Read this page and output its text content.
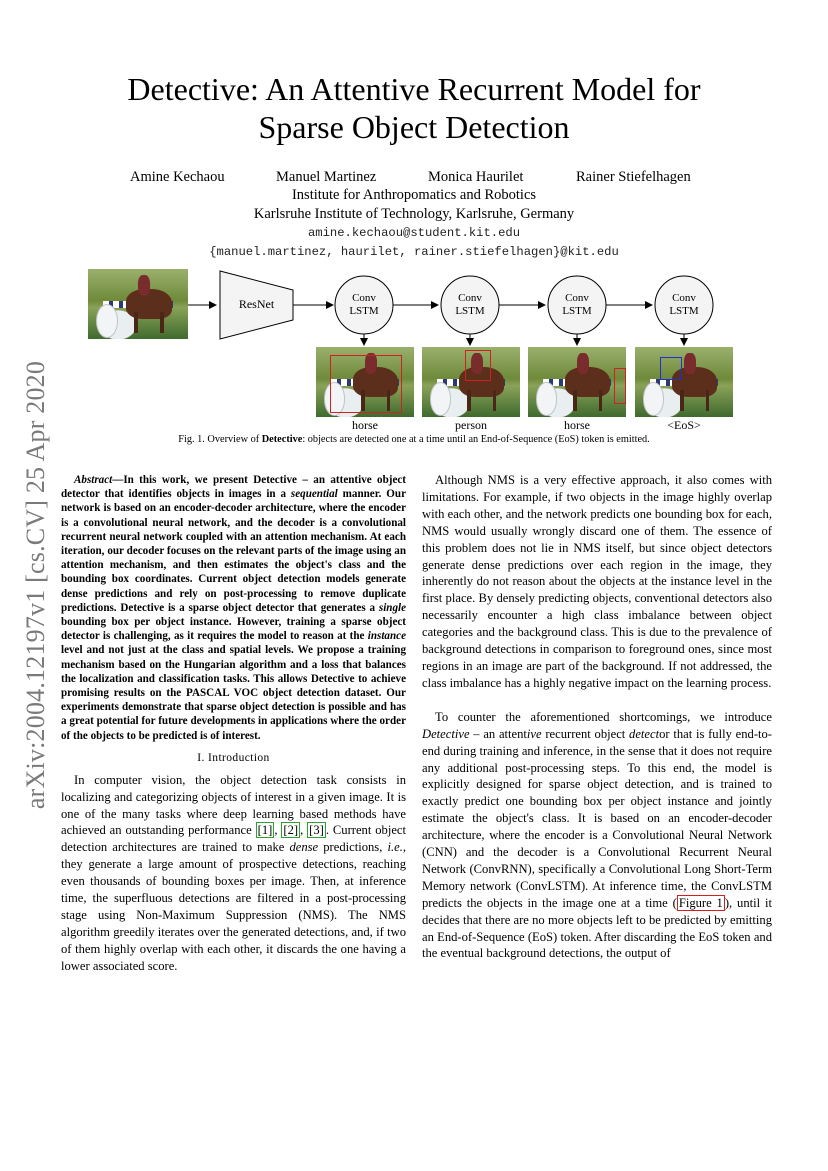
arXiv:2004.12197v1 [cs.CV] 25 Apr 2020
Detective: An Attentive Recurrent Model for
Sparse Object Detection
Amine Kechaou	Manuel Martinez	Monica Haurilet	Rainer Stiefelhagen
Institute for Anthropomatics and Robotics
Karlsruhe Institute of Technology, Karlsruhe, Germany
amine.kechaou@student.kit.edu
{manuel.martinez, haurilet, rainer.stiefelhagen}@kit.edu
ResNet	Conv
LSTM
Conv
LSTM
Conv
LSTM
Conv
LSTM
horse	person	horse	<EoS>
Fig. 1. Overview of Detective: objects are detected one at a time until an End-of-Sequence (EoS) token is emitted.

Abstract—In this work, we present Detective – an attentive object detector that identifies objects in images in a sequential manner. Our network is based on an encoder-decoder architecture, where the encoder is a convolutional neural network, and the decoder is a convolutional recurrent neural network coupled with an attention mechanism. At each iteration, our decoder focuses on the relevant parts of the image using an attention mechanism, and then estimates the object's class and the bounding box coordinates. Current object detection models generate dense predictions and rely on post-processing to remove duplicate predictions. Detective is a sparse object detector that generates a single bounding box per object instance. However, training a sparse object detector is challenging, as it requires the model to reason at the instance level and not just at the class and spatial levels. We propose a training mechanism based on the Hungarian algorithm and a loss that balances the localization and classification tasks. This allows Detective to achieve promising results on the PASCAL VOC object detection dataset. Our experiments demonstrate that sparse object detection is possible and has a great potential for future developments in applications where the order of the objects to be predicted is of interest.

I. Introduction

In computer vision, the object detection task consists in localizing and categorizing objects of interest in a given image. It is one of the many tasks where deep learning based methods have achieved an outstanding performance [1] , [2] , [3] . Current object detection architectures are trained to make dense predictions, i.e., they generate a large amount of prospective detections, reaching even thousands of bounding boxes per image. Then, at inference time, the superfluous detections are filtered in a post-processing stage using Non-Maximum Suppression (NMS). The NMS algorithm greedily iterates over the generated detections, and, if two of them highly overlap with each other, it discards the one having a lower associated score.

Although NMS is a very effective approach, it also comes with limitations. For example, if two objects in the image highly overlap with each other, and the network predicts one bounding box for each, NMS would usually wrongly discard one of them. The essence of this problem does not lie in NMS itself, but since object detectors generate dense predictions over each region in the image, they inherently do not reason about the objects at the instance level in the first place. By densely predicting objects, conventional detectors also necessarily encounter a high class imbalance between object categories and the background class. This is due to the prevalence of background detections in comparison to foreground ones, since most regions in an image are part of the background. If not addressed, the class imbalance has a highly negative impact on the learning process.

To counter the aforementioned shortcomings, we introduce Detective – an attentive recurrent object detector that is fully end-to-end during training and inference, in the sense that it does not require any additional post-processing steps. To this end, the model is explicitly designed for sparse object detection, and is trained to exactly predict one bounding box per object instance and jointly estimate the object's class. It is based on an encoder-decoder architecture, where the encoder is a Convolutional Neural Network (CNN) and the decoder is a Convolutional Recurrent Neural Network (ConvRNN), specifically a Convolutional Long Short-Term Memory network (ConvLSTM). At inference time, the ConvLSTM predicts the objects in the image one at a time ( Figure 1 ), until it decides that there are no more objects left to be predicted by emitting an End-of-Sequence (EoS) token. After discarding the EoS token and the eventual background detections, the output of
